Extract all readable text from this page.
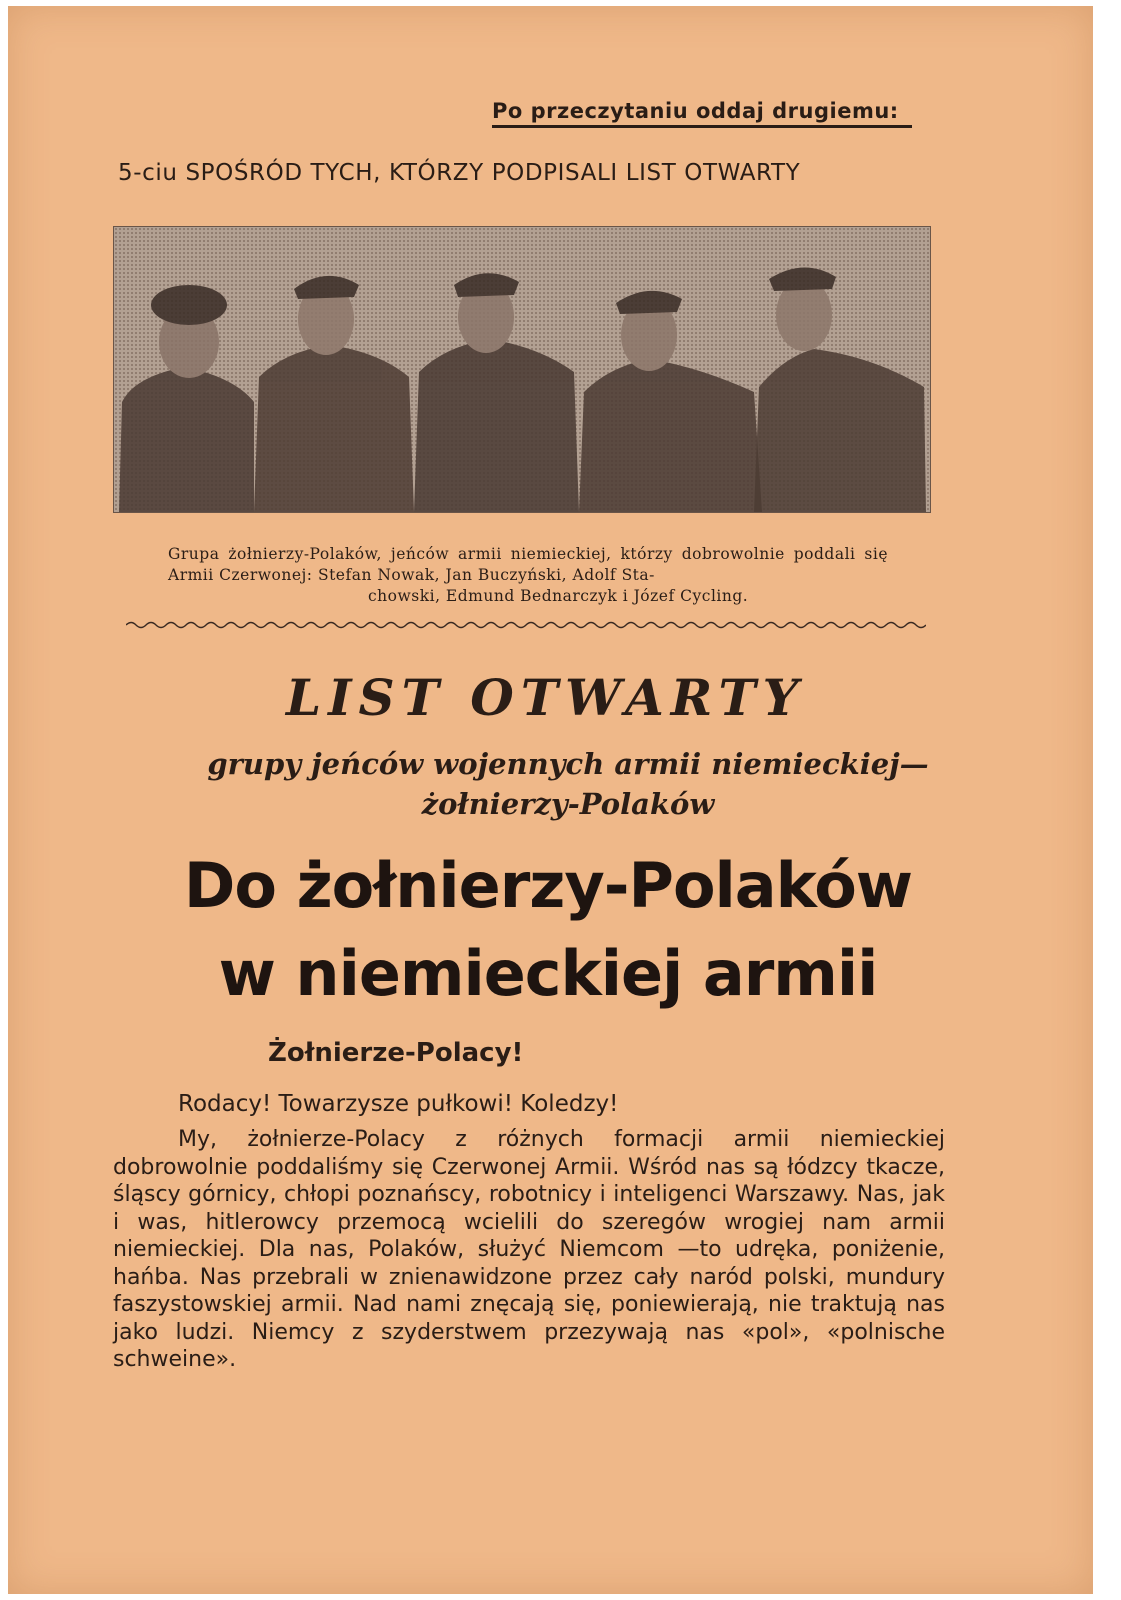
Po przeczytaniu oddaj drugiemu:
5-ciu SPOŚRÓD TYCH, KTÓRZY PODPISALI LIST OTWARTY
Grupa żołnierzy-Polaków, jeńców armii niemieckiej, którzy dobrowolnie poddali się Armii Czerwonej: Stefan Nowak, Jan Buczyński, Adolf Sta-
chowski, Edmund Bednarczyk i Józef Cycling.
LIST OTWARTY
grupy jeńców wojennych armii niemieckiej—
żołnierzy-Polaków
Do żołnierzy-Polaków
w niemieckiej armii
Żołnierze-Polacy!
Rodacy! Towarzysze pułkowi! Koledzy!
My, żołnierze-Polacy z różnych formacji armii niemieckiej dobrowolnie poddaliśmy się Czerwonej Armii. Wśród nas są łódzcy tkacze, śląscy górnicy, chłopi poznańscy, robotnicy i inteligenci Warszawy. Nas, jak i was, hitlerowcy przemocą wcielili do szeregów wrogiej nam armii niemieckiej. Dla nas, Polaków, służyć Niemcom —to udręka, poniżenie, hańba. Nas przebrali w znienawidzone przez cały naród polski, mundury faszystowskiej armii. Nad nami znęcają się, poniewierają, nie traktują nas jako ludzi. Niemcy z szyderstwem przezywają nas «pol», «polnische schweine».
